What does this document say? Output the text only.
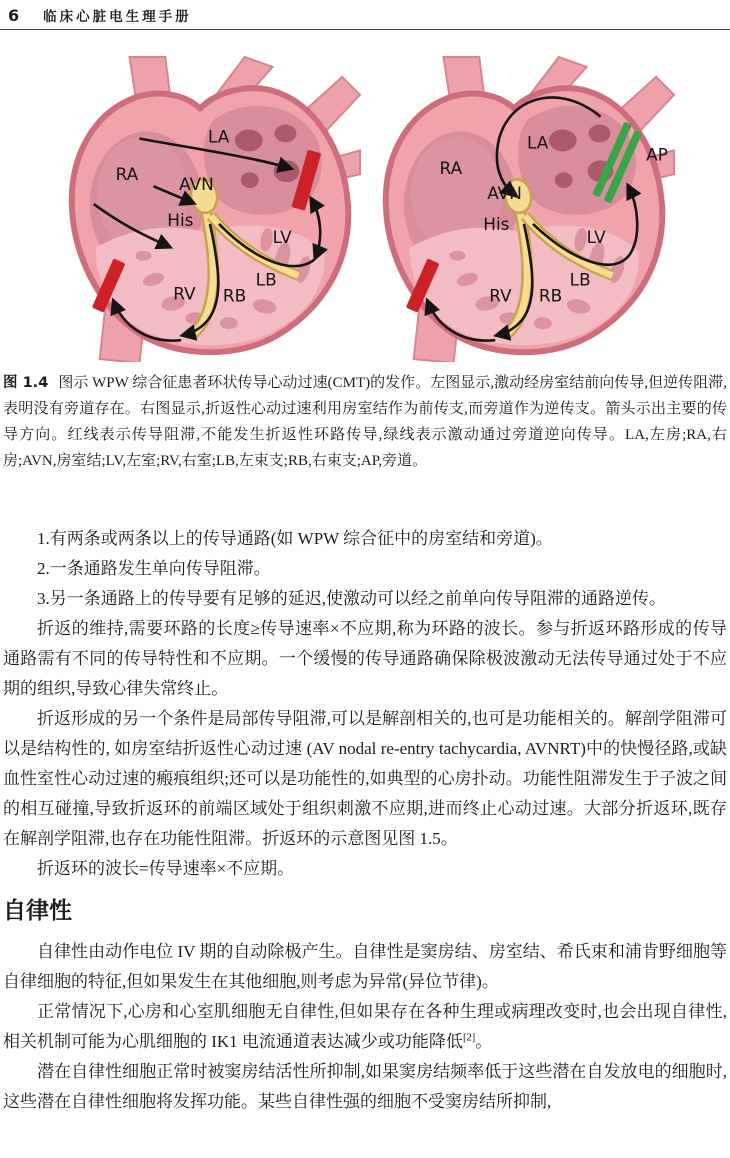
6 临床心脏电生理手册
RA
LA
AVN
His
LV
LB
RV RB
RA
LA
AVN
His
LV
LB
RV RB
AP
图 1.4 图示 WPW 综合征患者环状传导心动过速(CMT)的发作。左图显示,激动经房室结前向传导,但逆传阻滞,表明没有旁道存在。右图显示,折返性心动过速利用房室结作为前传支,而旁道作为逆传支。箭头示出主要的传导方向。红线表示传导阻滞,不能发生折返性环路传导,绿线表示激动通过旁道逆向传导。LA,左房;RA,右房;AVN,房室结;LV,左室;RV,右室;LB,左束支;RB,右束支;AP,旁道。

1.有两条或两条以上的传导通路(如 WPW 综合征中的房室结和旁道)。

2.一条通路发生单向传导阻滞。

3.另一条通路上的传导要有足够的延迟,使激动可以经之前单向传导阻滞的通路逆传。

折返的维持,需要环路的长度≥传导速率×不应期,称为环路的波长。参与折返环路形成的传导通路需有不同的传导特性和不应期。一个缓慢的传导通路确保除极波激动无法传导通过处于不应期的组织,导致心律失常终止。

折返形成的另一个条件是局部传导阻滞,可以是解剖相关的,也可是功能相关的。解剖学阻滞可以是结构性的, 如房室结折返性心动过速 (AV nodal re-entry tachycardia, AVNRT)中的快慢径路,或缺血性室性心动过速的瘢痕组织;还可以是功能性的,如典型的心房扑动。功能性阻滞发生于子波之间的相互碰撞,导致折返环的前端区域处于组织刺激不应期,进而终止心动过速。大部分折返环,既存在解剖学阻滞,也存在功能性阻滞。折返环的示意图见图 1.5。

折返环的波长=传导速率×不应期。

自律性

自律性由动作电位 IV 期的自动除极产生。自律性是窦房结、房室结、希氏束和浦肯野细胞等自律细胞的特征,但如果发生在其他细胞,则考虑为异常(异位节律)。

正常情况下,心房和心室肌细胞无自律性,但如果存在各种生理或病理改变时,也会出现自律性,相关机制可能为心肌细胞的 IK1 电流通道表达减少或功能降低[2]。

潜在自律性细胞正常时被窦房结活性所抑制,如果窦房结频率低于这些潜在自发放电的细胞时,这些潜在自律性细胞将发挥功能。某些自律性强的细胞不受窦房结所抑制,
